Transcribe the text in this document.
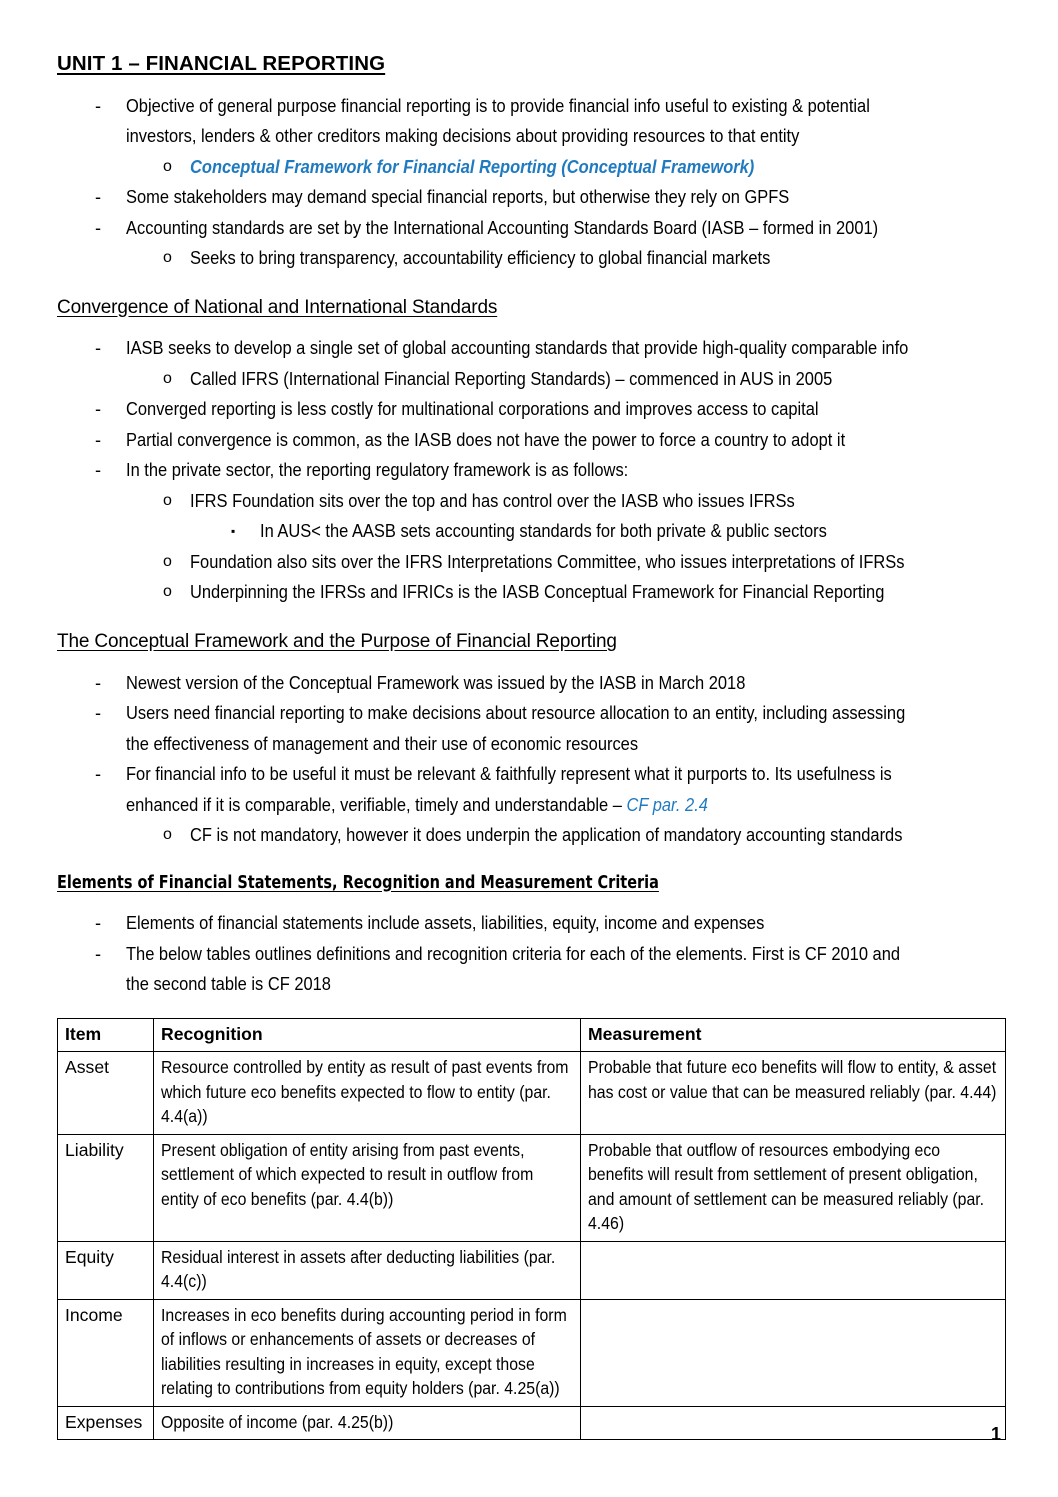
UNIT 1 – FINANCIAL REPORTING
-	Objective of general purpose financial reporting is to provide financial info useful to existing & potential investors, lenders & other creditors making decisions about providing resources to that entity
o Conceptual Framework for Financial Reporting (Conceptual Framework)
-	Some stakeholders may demand special financial reports, but otherwise they rely on GPFS
-	Accounting standards are set by the International Accounting Standards Board (IASB – formed in 2001)
o Seeks to bring transparency, accountability efficiency to global financial markets
Convergence of National and International Standards
-	IASB seeks to develop a single set of global accounting standards that provide high-quality comparable info
o Called IFRS (International Financial Reporting Standards) – commenced in AUS in 2005
-	Converged reporting is less costly for multinational corporations and improves access to capital
-	Partial convergence is common, as the IASB does not have the power to force a country to adopt it
-	In the private sector, the reporting regulatory framework is as follows:
o IFRS Foundation sits over the top and has control over the IASB who issues IFRSs
▪	In AUS< the AASB sets accounting standards for both private & public sectors
o Foundation also sits over the IFRS Interpretations Committee, who issues interpretations of IFRSs
o Underpinning the IFRSs and IFRICs is the IASB Conceptual Framework for Financial Reporting
The Conceptual Framework and the Purpose of Financial Reporting
-	Newest version of the Conceptual Framework was issued by the IASB in March 2018
-	Users need financial reporting to make decisions about resource allocation to an entity, including assessing the effectiveness of management and their use of economic resources
-	For financial info to be useful it must be relevant & faithfully represent what it purports to. Its usefulness is enhanced if it is comparable, verifiable, timely and understandable – CF par. 2.4
o CF is not mandatory, however it does underpin the application of mandatory accounting standards
Elements of Financial Statements, Recognition and Measurement Criteria
-	Elements of financial statements include assets, liabilities, equity, income and expenses
-	The below tables outlines definitions and recognition criteria for each of the elements. First is CF 2010 and the second table is CF 2018
Item	Recognition	Measurement
Asset	Resource controlled by entity as result of past events from which future eco benefits expected to flow to entity (par. 4.4(a))	Probable that future eco benefits will flow to entity, & asset has cost or value that can be measured reliably (par. 4.44)
Liability	Present obligation of entity arising from past events, settlement of which expected to result in outflow from entity of eco benefits (par. 4.4(b))	Probable that outflow of resources embodying eco benefits will result from settlement of present obligation, and amount of settlement can be measured reliably (par. 4.46)
Equity	Residual interest in assets after deducting liabilities (par. 4.4(c))	
Income	Increases in eco benefits during accounting period in form of inflows or enhancements of assets or decreases of liabilities resulting in increases in equity, except those relating to contributions from equity holders (par. 4.25(a))	
Expenses	Opposite of income (par. 4.25(b))	
1
